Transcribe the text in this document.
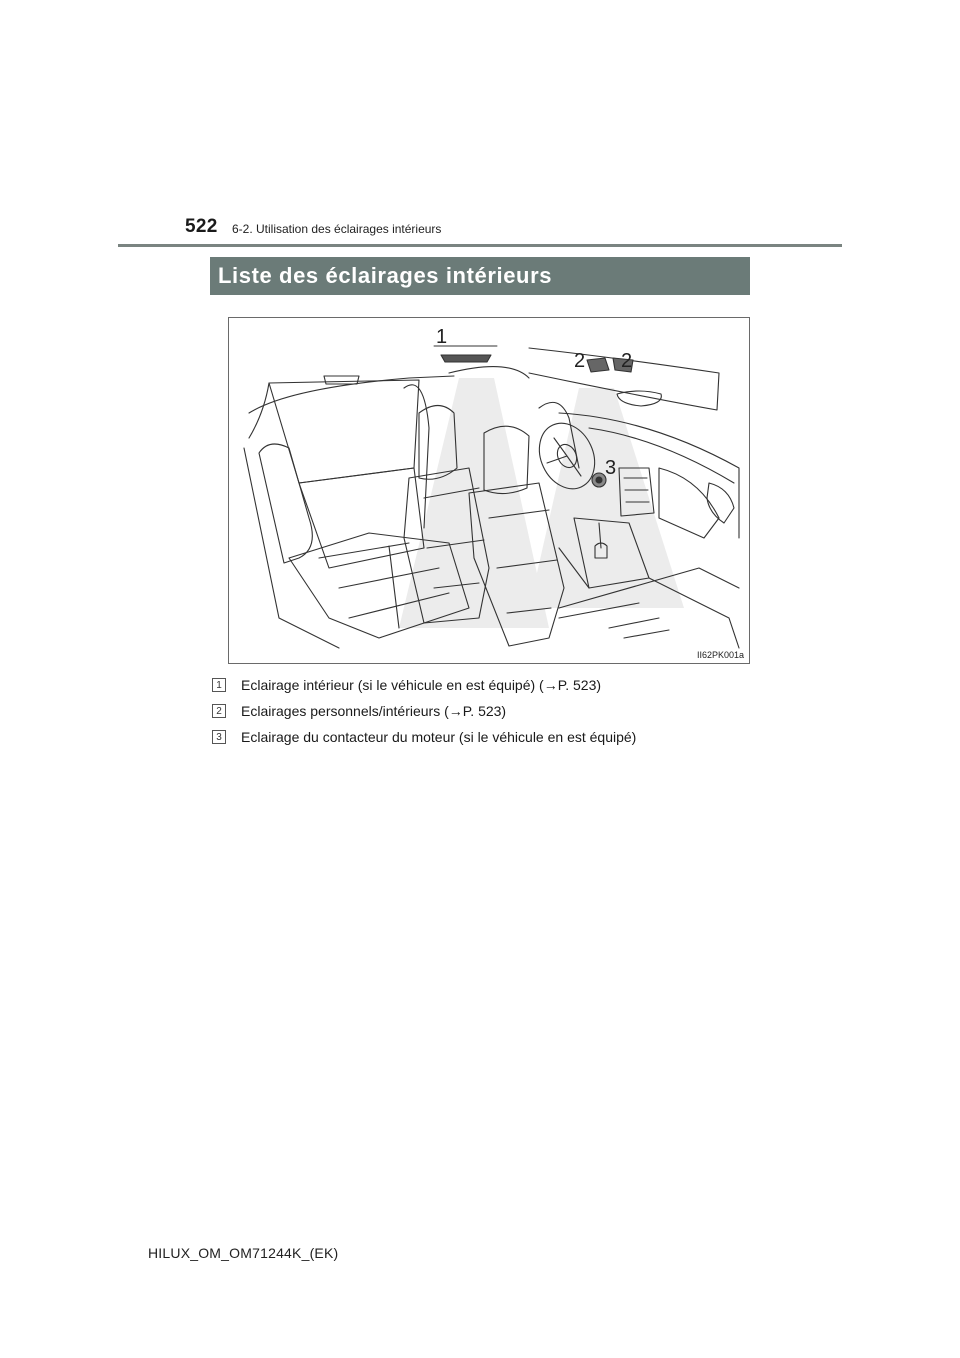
522 6-2. Utilisation des éclairages intérieurs
Liste des éclairages intérieurs
1
2 2
3
II62PK001a
1	Eclairage intérieur (si le véhicule en est équipé) (→P. 523)
2	Eclairages personnels/intérieurs (→P. 523)
3	Eclairage du contacteur du moteur (si le véhicule en est équipé)
HILUX_OM_OM71244K_(EK)
